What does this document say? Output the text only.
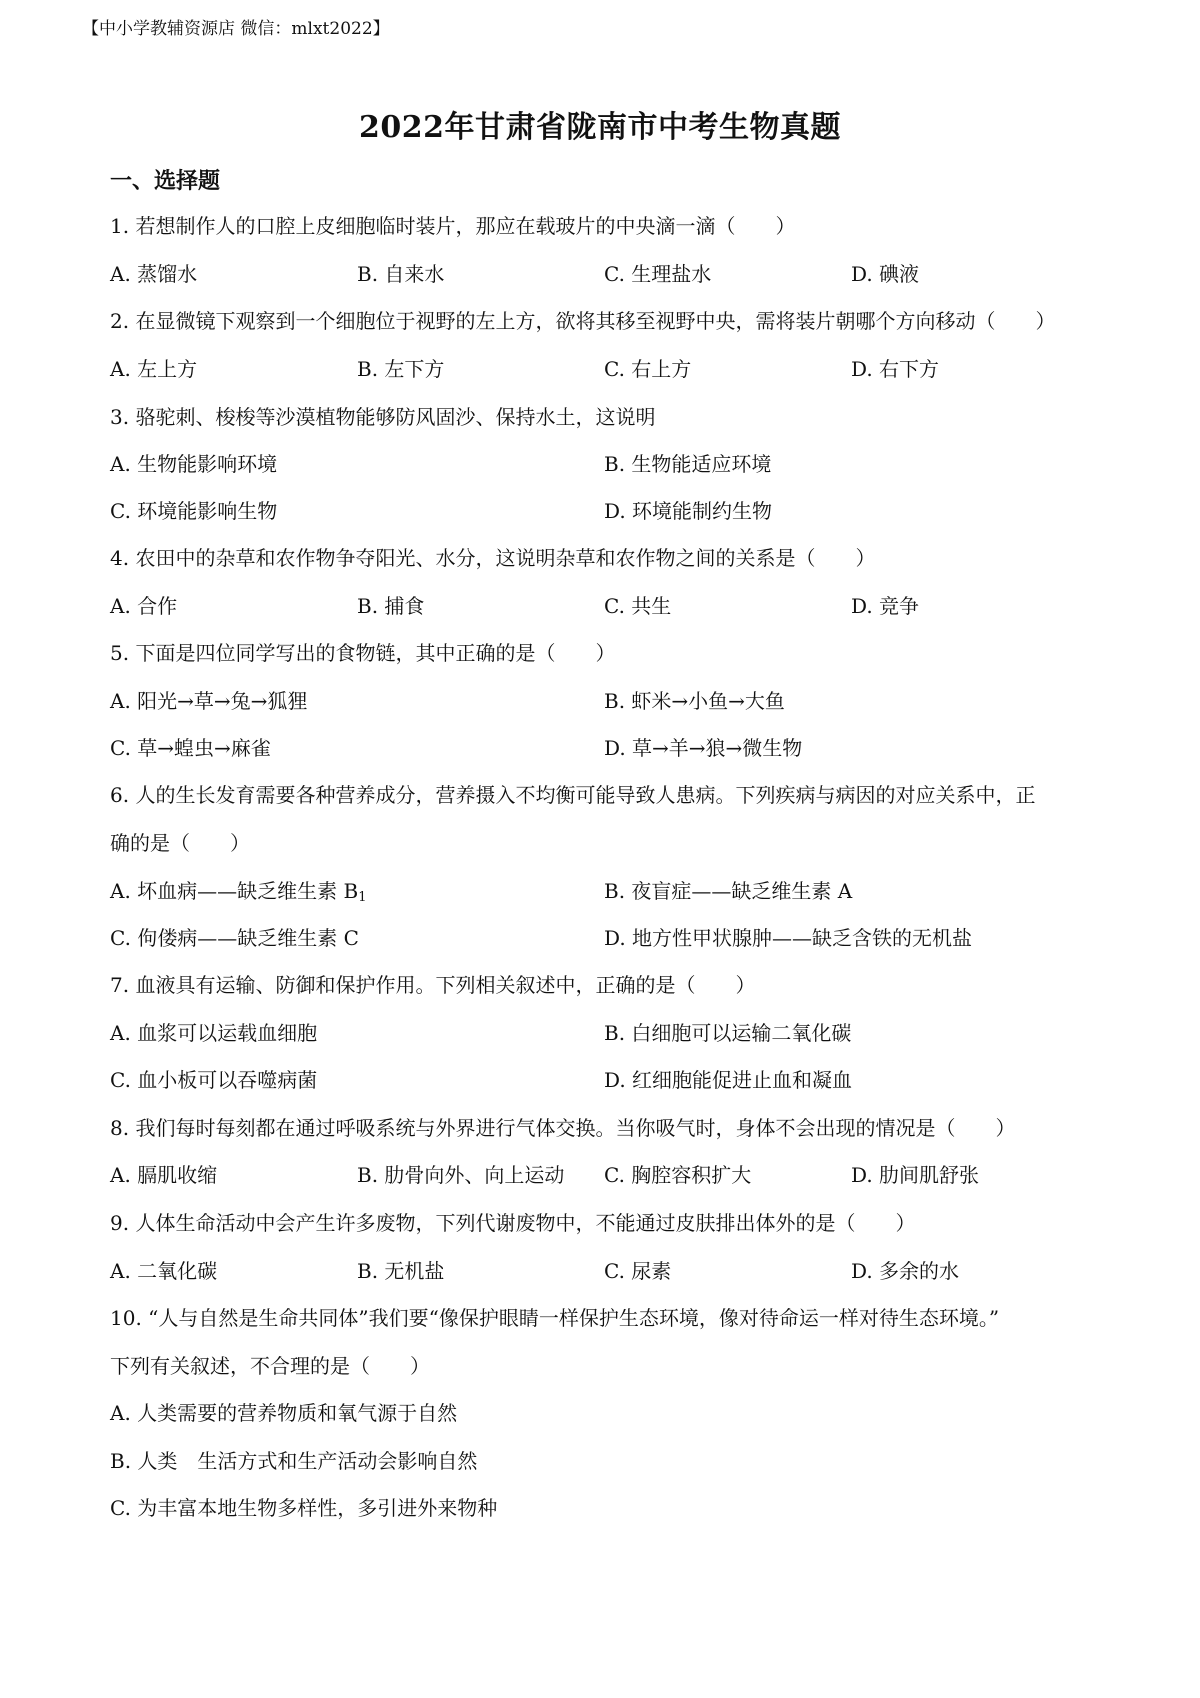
【中小学教辅资源店 微信：mlxt2022】
2022年甘肃省陇南市中考生物真题
一、选择题
1. 若想制作人的口腔上皮细胞临时装片，那应在载玻片的中央滴一滴（　　）
A. 蒸馏水	B. 自来水	C. 生理盐水	D. 碘液
2. 在显微镜下观察到一个细胞位于视野的左上方，欲将其移至视野中央，需将装片朝哪个方向移动（　　）
A. 左上方	B. 左下方	C. 右上方	D. 右下方
3. 骆驼刺、梭梭等沙漠植物能够防风固沙、保持水土，这说明
A. 生物能影响环境	B. 生物能适应环境
C. 环境能影响生物	D. 环境能制约生物
4. 农田中的杂草和农作物争夺阳光、水分，这说明杂草和农作物之间的关系是（　　）
A. 合作	B. 捕食	C. 共生	D. 竞争
5. 下面是四位同学写出的食物链，其中正确的是（　　）
A. 阳光→草→兔→狐狸	B. 虾米→小鱼→大鱼
C. 草→蝗虫→麻雀	D. 草→羊→狼→微生物
6. 人的生长发育需要各种营养成分，营养摄入不均衡可能导致人患病。下列疾病与病因的对应关系中，正
确的是（　　）
A. 坏血病——缺乏维生素 $B_1$	B. 夜盲症——缺乏维生素 A
C. 佝偻病——缺乏维生素 C	D. 地方性甲状腺肿——缺乏含铁的无机盐
7. 血液具有运输、防御和保护作用。下列相关叙述中，正确的是（　　）
A. 血浆可以运载血细胞	B. 白细胞可以运输二氧化碳
C. 血小板可以吞噬病菌	D. 红细胞能促进止血和凝血
8. 我们每时每刻都在通过呼吸系统与外界进行气体交换。当你吸气时，身体不会出现的情况是（　　）
A. 膈肌收缩	B. 肋骨向外、向上运动 C. 胸腔容积扩大	D. 肋间肌舒张
9. 人体生命活动中会产生许多废物，下列代谢废物中，不能通过皮肤排出体外的是（　　）
A. 二氧化碳	B. 无机盐	C. 尿素	D. 多余的水
10. “人与自然是生命共同体”我们要“像保护眼睛一样保护生态环境，像对待命运一样对待生态环境。”
下列有关叙述，不合理的是（　　）
A. 人类需要的营养物质和氧气源于自然
B. 人类　生活方式和生产活动会影响自然
C. 为丰富本地生物多样性，多引进外来物种
